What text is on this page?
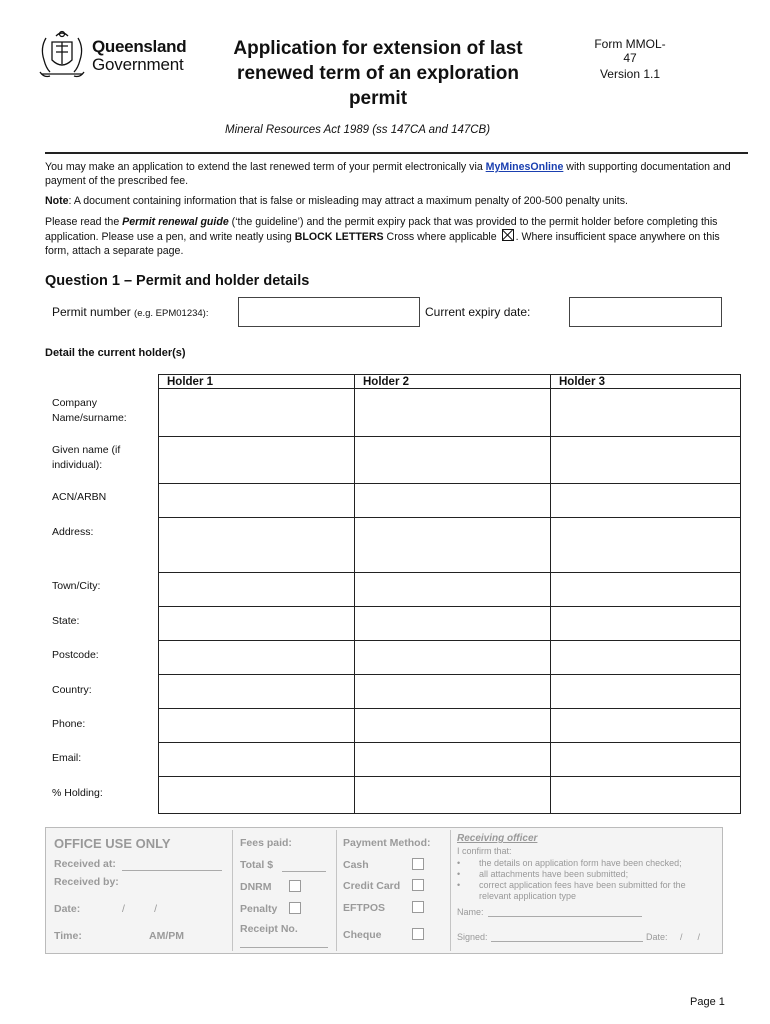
Queensland
Government
Application for extension of last renewed term of an exploration permit
Form MMOL-47
Version 1.1
Mineral Resources Act 1989 (ss 147CA and 147CB)
You may make an application to extend the last renewed term of your permit electronically via MyMinesOnline with supporting documentation and payment of the prescribed fee.
Note: A document containing information that is false or misleading may attract a maximum penalty of 200-500 penalty units.
Please read the Permit renewal guide (‘the guideline’) and the permit expiry pack that was provided to the permit holder before completing this application. Please use a pen, and write neatly using BLOCK LETTERS Cross where applicable ☒ . Where insufficient space anywhere on this form, attach a separate page.
Question 1 – Permit and holder details
Permit number (e.g. EPM01234):	Current expiry date:
Detail the current holder(s)
Holder 1	Holder 2	Holder 3
Company Name/surname:
Given name (if individual):
ACN/ARBN
Address:
Town/City:
State:
Postcode:
Country:
Phone:
Email:
% Holding:
OFFICE USE ONLY
Received at:
Received by:
Date:	/          /
Time:	AM/PM
Fees paid:
Total $
DNRM
Penalty
Receipt No.
Payment Method:
Cash
Credit Card
EFTPOS
Cheque
Receiving officer
I confirm that:
•	the details on application form have been checked;
•	all attachments have been submitted;
•	correct application fees have been submitted for the relevant application type
Name:
Signed:	Date: /      /
Page 1
